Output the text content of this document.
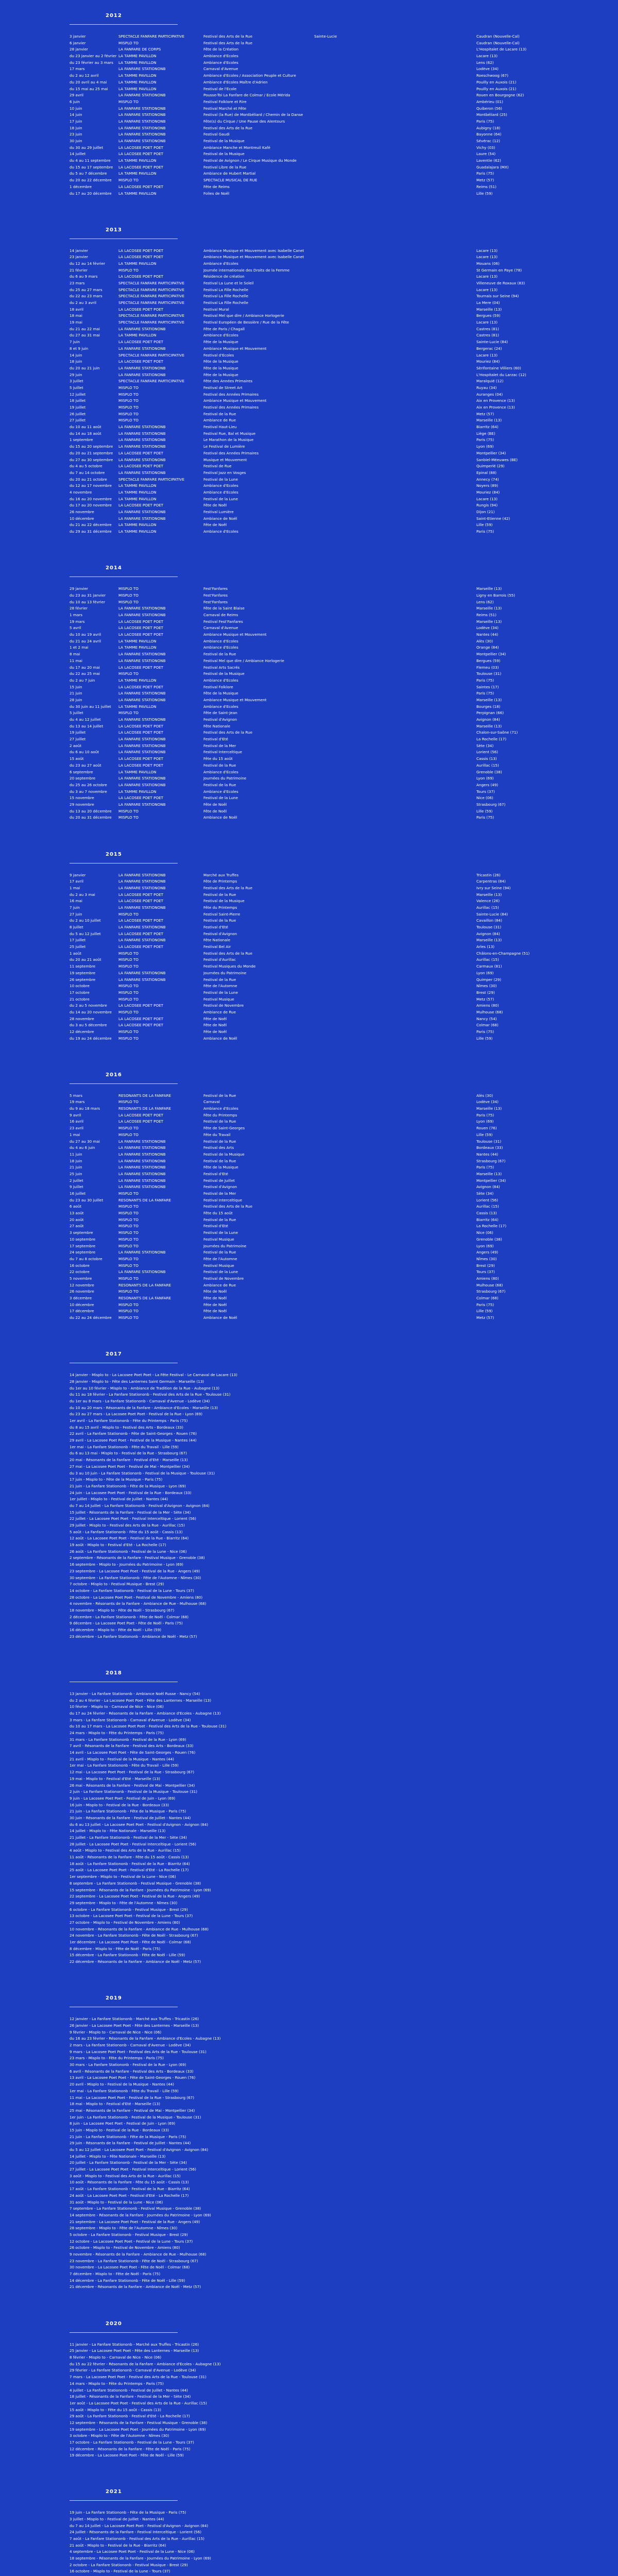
2012
3 janvier	SPECTACLE FANFARE PARTICIPATIVE	Festival des Arts de la Rue	Sainte-Lucie	Caudran (Nouvelle-Cal)
6 janvier	MISPLO TO	Festival des Arts de la Rue	Caudran (Nouvelle-Cal)
28 janvier	LA FANFARE DE CORPS	Fête de la Création	L'Hospitalet de Lacare (13)
du 23 janvier au 2 février LA TAMME PAVILLON	Ambiance d'Ecoles	Lacare (13)
du 23 février au 3 mars	LA TAMME PAVILLON	Ambiance d'Ecoles	Lens (62)
17 mars	LA FANFARE STATIONONB	Carnaval d'Avenue	Lodève (34)
du 2 au 12 avril	LA TAMME PAVILLON	Ambiance d'Ecoles / Association Peuple et Culture	Roeschwoog (67)
du 20 avril au 4 mai	LA TAMME PAVILLON	Ambiance d'Ecoles Maître d'Adrien	Pouilly en Auxois (21)
du 15 mai au 25 mai	LA TAMME PAVILLON	Festival de l'Ecole	Pouilly en Auxois (21)
29 avril	LA FANFARE STATIONONB	Pousse-Toi La Fanfare de Colmar / Ecole Mérida	Rouen en Bourgogne (62)
6 juin	MISPLO TO	Festival Folklore et Rire	Ambérieu (01)
10 juin	LA FANFARE STATIONONB	Festival Marché et Fête	Quiberon (56)
14 juin	LA FANFARE STATIONONB	Festival (la Rue) de Montbéliard / Chemin de la Danse	Montbéliard (25)
17 juin	LA FANFARE STATIONONB	Fête(s) du Cirque / Une Pause des Alentours	Paris (75)
18 juin	LA FANFARE STATIONONB	Festival des Arts de la Rue	Aubigny (18)
23 juin	LA FANFARE STATIONONB	Festival Gaudi	Bayonne (64)
30 juin	LA FANFARE STATIONONB	Festival de la Musique	Sévérac (12)
du 30 au 29 juillet	LA LACOSEE POET POET	Ambiance Manche et Montreuil Kafé	Vichy (03)
14 juillet	LA LACOSEE POET POET	Festival de la Musique	Laure (54)
du 4 au 11 septembre	LA TAMME PAVILLON	Festival de Avignon / Le Cirque Musique du Monde	Laventie (62)
du 15 au 17 septembre	LA LACOSEE POET POET	Festival Libre de la Rue	Guadalajara (MX)
du 5 au 7 décembre	LA TAMME PAVILLON	Ambiance de Hubert Martial	Paris (75)
du 20 au 22 décembre	MISPLO TO	SPECTACLE MUSICAL DE RUE	Metz (57)
1 décembre	LA LACOSEE POET POET	Fête de Reims	Reims (51)
du 17 au 20 décembre	LA TAMME PAVILLON	Folies de Noël	Lille (59)
2013
14 janvier	LA LACOSEE POET POET	Ambiance Musique et Mouvement avec Isabelle Canet	Lacare (13)
23 janvier	LA LACOSEE POET POET	Ambiance Musique et Mouvement avec Isabelle Canet	Lacare (13)
du 12 au 14 février	LA TAMME PAVILLON	Ambiance d'Ecoles	Mouans (06)
21 février	MISPLO TO	Journée internationale des Droits de la Femme	St Germain en Paye (78)
du 6 au 9 mars	LA LACOSEE POET POET	Résidence de création	Lacare (13)
23 mars	SPECTACLE FANFARE PARTICIPATIVE	Festival La Lune et le Soleil	Villeneuve de Roxaux (83)
du 25 au 27 mars	SPECTACLE FANFARE PARTICIPATIVE	Festival La Fille Rochelle	Lacare (13)
du 22 au 23 mars	SPECTACLE FANFARE PARTICIPATIVE	Festival La Fille Rochelle	Tournais sur Seine (94)
du 2 au 3 avril	SPECTACLE FANFARE PARTICIPATIVE	Festival La Fille Rochelle	La Mere (04)
18 avril	LA LACOSEE POET POET	Festival Mural	Marseille (13)
18 mai	SPECTACLE FANFARE PARTICIPATIVE	Festival Mel que dire / Ambiance Horlogerie	Bergues (59)
19 mai	SPECTACLE FANFARE PARTICIPATIVE	Festival Européen de Bessière / Rue de la Fête	Lacare (13)
du 21 au 22 mai	LA FANFARE STATIONONB	Fête de Paris / Chagall	Castres (81)
du 27 au 31 mai	LA TAMME PAVILLON	Ambiance d'Ecoles	Castres (81)
7 juin	LA LACOSEE POET POET	Fête de la Musique	Sainte-Lucie (84)
8 et 9 juin	LA FANFARE STATIONONB	Ambiance Musique et Mouvement	Bergerac (24)
14 juin	SPECTACLE FANFARE PARTICIPATIVE	Festival d'Ecoles	Lacare (13)
18 juin	LA LACOSEE POET POET	Fête de la Musique	Mouriez (84)
du 20 au 21 juin	LA FANFARE STATIONONB	Fête de la Musique	Sèrifontaine Villiers (60)
29 juin	LA FANFARE STATIONONB	Fête de la Musique	L'Hospitalet du Larzac (12)
3 juillet	SPECTACLE FANFARE PARTICIPATIVE	Fête des Années Primaires	Maralquié (12)
5 juillet	MISPLO TO	Festival de Street Art	Ruyau (34)
12 juillet	MISPLO TO	Festival des Années Primaires	Auranges (04)
18 juillet	MISPLO TO	Ambiance Musique et Mouvement	Aix en Provence (13)
19 juillet	MISPLO TO	Festival des Années Primaires	Aix en Provence (13)
26 juillet	MISPLO TO	Festival de la Rue	Metz (57)
27 juillet	MISPLO TO	Ambiance de Rue	Marseille (13)
du 10 au 11 août	LA FANFARE STATIONONB	Festival Haut-Lieu	Biarritz (64)
du 14 au 18 août	LA FANFARE STATIONONB	Festival Rue, Bal et Musique	Liège (BE)
1 septembre	LA FANFARE STATIONONB	Le Marathon de la Musique	Paris (75)
du 15 au 20 septembre	LA FANFARE STATIONONB	Le Festival de Lumière	Lyon (69)
du 20 au 21 septembre	LA LACOSEE POET POET	Festival des Années Primaires	Montpellier (34)
du 27 au 30 septembre	LA FANFARE STATIONONB	Musique et Mouvement	Sanbiel-Méeuwes (BE)
du 4 au 5 octobre	LA LACOSEE POET POET	Festival de Rue	Quimperlé (29)
du 7 au 14 octobre	LA FANFARE STATIONONB	Festival Jazz en Vosges	Epinal (88)
du 20 au 21 octobre	SPECTACLE FANFARE PARTICIPATIVE	Festival de la Lune	Annecy (74)
du 12 au 17 novembre	LA TAMME PAVILLON	Ambiance d'Ecoles	Noyers (89)
4 novembre	LA TAMME PAVILLON	Ambiance d'Ecoles	Mouriez (84)
du 16 au 20 novembre	LA TAMME PAVILLON	Festival de la Lune	Lacare (13)
du 17 au 20 novembre	LA LACOSEE POET POET	Fête de Noël	Rungis (94)
26 novembre	LA FANFARE STATIONONB	Festival Lumière	Dijon (21)
10 décembre	LA FANFARE STATIONONB	Ambiance de Noël	Saint-Etienne (42)
du 21 au 22 décembre	LA TAMME PAVILLON	Fête de Noël	Lille (59)
du 29 au 31 décembre	LA TAMME PAVILLON	Ambiance d'Ecoles	Paris (75)
2014
29 janvier	MISPLO TO	Fest'Fanfares	Marseille (13)
du 23 au 31 janvier	MISPLO TO	Fest'Fanfares	Ligny en Barrois (55)
du 10 au 13 février	MISPLO TO	Fest'Fanfares	Lens (62)
28 février	LA FANFARE STATIONONB	Fête de la Saint Blaise	Marseille (13)
1 mars	LA FANFARE STATIONONB	Carnaval de Reims	Reims (51)
19 mars	LA LACOSEE POET POET	Festival Fest'Fanfares	Marseille (13)
5 avril	LA LACOSEE POET POET	Carnaval d'Avenue	Lodève (34)
du 10 au 19 avril	LA LACOSEE POET POET	Ambiance Musique et Mouvement	Nantes (44)
du 21 au 24 avril	LA TAMME PAVILLON	Ambiance d'Ecoles	Alès (30)
1 et 2 mai	LA TAMME PAVILLON	Ambiance d'Ecoles	Orange (84)
8 mai	LA FANFARE STATIONONB	Festival de la Rue	Montpellier (34)
11 mai	LA FANFARE STATIONONB	Festival Mel que dire / Ambiance Horlogerie	Bergues (59)
du 17 au 20 mai	LA LACOSEE POET POET	Festival Arts Sacrés	Flemeu (03)
du 22 au 25 mai	MISPLO TO	Festival de la Musique	Toulouse (31)
du 2 au 7 juin	LA TAMME PAVILLON	Ambiance d'Ecoles	Paris (75)
15 juin	LA LACOSEE POET POET	Festival Folklore	Saintes (17)
21 juin	LA FANFARE STATIONONB	Fête de la Musique	Paris (75)
28 juin	LA FANFARE STATIONONB	Ambiance Musique et Mouvement	Marseille (13)
du 30 juin au 11 juillet	LA TAMME PAVILLON	Ambiance d'Ecoles	Bourges (18)
5 juillet	MISPLO TO	Fête de Saint-Jean	Perpignan (66)
du 4 au 12 juillet	LA FANFARE STATIONONB	Festival d'Avignon	Avignon (84)
du 13 au 14 juillet	LA LACOSEE POET POET	Fête Nationale	Marseille (13)
19 juillet	LA LACOSEE POET POET	Festival des Arts de la Rue	Chalon-sur-Saône (71)
27 juillet	LA FANFARE STATIONONB	Festival d'Eté	La Rochelle (17)
2 août	LA FANFARE STATIONONB	Festival de la Mer	Sète (34)
du 6 au 10 août	LA FANFARE STATIONONB	Festival Interceltique	Lorient (56)
15 août	LA LACOSEE POET POET	Fête du 15 août	Cassis (13)
du 23 au 27 août	LA LACOSEE POET POET	Festival de la Rue	Aurillac (15)
6 septembre	LA TAMME PAVILLON	Ambiance d'Ecoles	Grenoble (38)
20 septembre	LA FANFARE STATIONONB	Journées du Patrimoine	Lyon (69)
du 25 au 26 octobre	LA FANFARE STATIONONB	Festival de la Rue	Angers (49)
du 3 au 7 novembre	LA TAMME PAVILLON	Ambiance d'Ecoles	Tours (37)
15 novembre	LA LACOSEE POET POET	Festival de la Lune	Nice (06)
29 novembre	LA FANFARE STATIONONB	Fête de Noël	Strasbourg (67)
du 13 au 20 décembre	MISPLO TO	Fête de Noël	Lille (59)
du 20 au 31 décembre	MISPLO TO	Ambiance de Noël	Paris (75)
2015
9 janvier	LA FANFARE STATIONONB	Marché aux Truffes	Tricastin (26)
17 avril	LA FANFARE STATIONONB	Fête de Printemps	Carpentras (84)
1 mai	LA FANFARE STATIONONB	Festival des Arts de la Rue	Ivry sur Seine (94)
du 2 au 3 mai	LA LACOSEE POET POET	Festival de la Rue	Marseille (13)
16 mai	LA LACOSEE POET POET	Festival de la Musique	Valence (26)
7 juin	LA FANFARE STATIONONB	Fête du Printemps	Aurillac (15)
27 juin	MISPLO TO	Festival Saint-Pierre	Sainte-Lucie (84)
du 2 au 10 juillet	LA LACOSEE POET POET	Festival de la Rue	Cavaillon (84)
8 juillet	LA FANFARE STATIONONB	Festival d'Eté	Toulouse (31)
du 5 au 12 juillet	LA LACOSEE POET POET	Festival d'Avignon	Avignon (84)
17 juillet	LA FANFARE STATIONONB	Fête Nationale	Marseille (13)
25 juillet	LA LACOSEE POET POET	Festival Bel Air	Arles (13)
1 août	MISPLO TO	Festival des Arts de la Rue	Châlons-en-Champagne (51)
du 20 au 21 août	MISPLO TO	Festival d'Aurillac	Aurillac (15)
11 septembre	MISPLO TO	Festival Musiques du Monde	Carmaux (81)
19 septembre	LA FANFARE STATIONONB	Journées du Patrimoine	Lyon (69)
26 septembre	LA FANFARE STATIONONB	Festival de la Rue	Quimper (29)
10 octobre	MISPLO TO	Fête de l'Automne	Nîmes (30)
17 octobre	MISPLO TO	Festival de la Lune	Brest (29)
21 octobre	MISPLO TO	Festival Musique	Metz (57)
du 2 au 5 novembre	LA LACOSEE POET POET	Festival de Novembre	Amiens (80)
du 14 au 20 novembre	MISPLO TO	Ambiance de Rue	Mulhouse (68)
28 novembre	LA LACOSEE POET POET	Fête de Noël	Nancy (54)
du 3 au 5 décembre	LA LACOSEE POET POET	Fête de Noël	Colmar (68)
12 décembre	MISPLO TO	Fête de Noël	Paris (75)
du 19 au 24 décembre	MISPLO TO	Ambiance de Noël	Lille (59)
2016
5 mars	RESONANTS DE LA FANFARE	Festival de la Rue	Alès (30)
19 mars	MISPLO TO	Carnaval	Lodève (34)
du 9 au 18 mars	RESONANTS DE LA FANFARE	Ambiance d'Ecoles	Marseille (13)
9 avril	LA LACOSEE POET POET	Fête du Printemps	Paris (75)
16 avril	LA LACOSEE POET POET	Festival de la Rue	Lyon (69)
23 avril	MISPLO TO	Fête de Saint-Georges	Rouen (76)
1 mai	MISPLO TO	Fête du Travail	Lille (59)
du 27 au 30 mai	LA FANFARE STATIONONB	Festival de la Rue	Toulouse (31)
du 4 au 6 juin	LA FANFARE STATIONONB	Festival des Arts	Bordeaux (33)
11 juin	LA FANFARE STATIONONB	Festival de la Musique	Nantes (44)
18 juin	LA FANFARE STATIONONB	Festival de la Rue	Strasbourg (67)
21 juin	LA FANFARE STATIONONB	Fête de la Musique	Paris (75)
25 juin	LA FANFARE STATIONONB	Festival d'Eté	Marseille (13)
2 juillet	LA FANFARE STATIONONB	Festival de Juillet	Montpellier (34)
9 juillet	LA FANFARE STATIONONB	Festival d'Avignon	Avignon (84)
16 juillet	MISPLO TO	Festival de la Mer	Sète (34)
du 23 au 30 juillet	RESONANTS DE LA FANFARE	Festival Interceltique	Lorient (56)
6 août	MISPLO TO	Festival des Arts de la Rue	Aurillac (15)
13 août	MISPLO TO	Fête du 15 août	Cassis (13)
20 août	MISPLO TO	Festival de la Rue	Biarritz (64)
27 août	MISPLO TO	Festival d'Eté	La Rochelle (17)
3 septembre	MISPLO TO	Festival de la Lune	Nice (06)
10 septembre	MISPLO TO	Festival Musique	Grenoble (38)
17 septembre	MISPLO TO	Journées du Patrimoine	Lyon (69)
24 septembre	LA FANFARE STATIONONB	Festival de la Rue	Angers (49)
du 7 au 8 octobre	MISPLO TO	Fête de l'Automne	Nîmes (30)
16 octobre	MISPLO TO	Festival Musique	Brest (29)
22 octobre	LA FANFARE STATIONONB	Festival de la Lune	Tours (37)
5 novembre	MISPLO TO	Festival de Novembre	Amiens (80)
12 novembre	RESONANTS DE LA FANFARE	Ambiance de Rue	Mulhouse (68)
26 novembre	MISPLO TO	Fête de Noël	Strasbourg (67)
3 décembre	RESONANTS DE LA FANFARE	Fête de Noël	Colmar (68)
10 décembre	MISPLO TO	Fête de Noël	Paris (75)
17 décembre	MISPLO TO	Fête de Noël	Lille (59)
du 22 au 24 décembre	MISPLO TO	Ambiance de Noël	Metz (57)
2017
14 janvier - Misplo to - La Lacosee Poet Poet - La Fête Festival - Le Carnaval de Lacare (13)
28 janvier - Misplo to - Fête des Lanternes Saint Germain - Marseille (13)
du 1er au 10 février - Misplo to - Ambiance de Tradition de la Rue - Aubagne (13)
du 11 au 18 février - La Fanfare Stationonb - Festival des Arts de la Rue - Toulouse (31)
du 1er au 8 mars - La Fanfare Stationonb - Carnaval d'Avenue - Lodève (34)
du 10 au 20 mars - Résonants de la Fanfare - Ambiance d'Ecoles - Marseille (13)
du 23 au 27 mars - La Lacosee Poet Poet - Festival de la Rue - Lyon (69)
1er avril - La Fanfare Stationonb - Fête du Printemps - Paris (75)
du 8 au 15 avril - Misplo to - Festival des Arts - Bordeaux (33)
22 avril - La Fanfare Stationonb - Fête de Saint-Georges - Rouen (76)
29 avril - La Lacosee Poet Poet - Festival de la Musique - Nantes (44)
1er mai - La Fanfare Stationonb - Fête du Travail - Lille (59)
du 6 au 13 mai - Misplo to - Festival de la Rue - Strasbourg (67)
20 mai - Résonants de la Fanfare - Festival d'Eté - Marseille (13)
27 mai - La Lacosee Poet Poet - Festival de Mai - Montpellier (34)
du 3 au 10 juin - La Fanfare Stationonb - Festival de la Musique - Toulouse (31)
17 juin - Misplo to - Fête de la Musique - Paris (75)
21 juin - La Fanfare Stationonb - Fête de la Musique - Lyon (69)
24 juin - La Lacosee Poet Poet - Festival de la Rue - Bordeaux (33)
1er juillet - Misplo to - Festival de Juillet - Nantes (44)
du 7 au 14 juillet - La Fanfare Stationonb - Festival d'Avignon - Avignon (84)
15 juillet - Résonants de la Fanfare - Festival de la Mer - Sète (34)
22 juillet - La Lacosee Poet Poet - Festival Interceltique - Lorient (56)
29 juillet - Misplo to - Festival des Arts de la Rue - Aurillac (15)
5 août - La Fanfare Stationonb - Fête du 15 août - Cassis (13)
12 août - La Lacosee Poet Poet - Festival de la Rue - Biarritz (64)
19 août - Misplo to - Festival d'Eté - La Rochelle (17)
26 août - La Fanfare Stationonb - Festival de la Lune - Nice (06)
2 septembre - Résonants de la Fanfare - Festival Musique - Grenoble (38)
16 septembre - Misplo to - Journées du Patrimoine - Lyon (69)
23 septembre - La Lacosee Poet Poet - Festival de la Rue - Angers (49)
30 septembre - La Fanfare Stationonb - Fête de l'Automne - Nîmes (30)
7 octobre - Misplo to - Festival Musique - Brest (29)
14 octobre - La Fanfare Stationonb - Festival de la Lune - Tours (37)
28 octobre - La Lacosee Poet Poet - Festival de Novembre - Amiens (80)
4 novembre - Résonants de la Fanfare - Ambiance de Rue - Mulhouse (68)
18 novembre - Misplo to - Fête de Noël - Strasbourg (67)
2 décembre - La Fanfare Stationonb - Fête de Noël - Colmar (68)
9 décembre - La Lacosee Poet Poet - Fête de Noël - Paris (75)
16 décembre - Misplo to - Fête de Noël - Lille (59)
23 décembre - La Fanfare Stationonb - Ambiance de Noël - Metz (57)
2018
13 janvier - La Fanfare Stationonb - Ambiance Noël Russe - Nancy (54)
du 2 au 4 février - La Lacosee Poet Poet - Fête des Lanternes - Marseille (13)
10 février - Misplo to - Carnaval de Nice - Nice (06)
du 17 au 24 février - Résonants de la Fanfare - Ambiance d'Ecoles - Aubagne (13)
3 mars - La Fanfare Stationonb - Carnaval d'Avenue - Lodève (34)
du 10 au 17 mars - La Lacosee Poet Poet - Festival des Arts de la Rue - Toulouse (31)
24 mars - Misplo to - Fête du Printemps - Paris (75)
31 mars - La Fanfare Stationonb - Festival de la Rue - Lyon (69)
7 avril - Résonants de la Fanfare - Festival des Arts - Bordeaux (33)
14 avril - La Lacosee Poet Poet - Fête de Saint-Georges - Rouen (76)
21 avril - Misplo to - Festival de la Musique - Nantes (44)
1er mai - La Fanfare Stationonb - Fête du Travail - Lille (59)
12 mai - La Lacosee Poet Poet - Festival de la Rue - Strasbourg (67)
19 mai - Misplo to - Festival d'Eté - Marseille (13)
26 mai - Résonants de la Fanfare - Festival de Mai - Montpellier (34)
2 juin - La Fanfare Stationonb - Festival de la Musique - Toulouse (31)
9 juin - La Lacosee Poet Poet - Festival de Juin - Lyon (69)
16 juin - Misplo to - Festival de la Rue - Bordeaux (33)
21 juin - La Fanfare Stationonb - Fête de la Musique - Paris (75)
30 juin - Résonants de la Fanfare - Festival de Juillet - Nantes (44)
du 6 au 13 juillet - La Lacosee Poet Poet - Festival d'Avignon - Avignon (84)
14 juillet - Misplo to - Fête Nationale - Marseille (13)
21 juillet - La Fanfare Stationonb - Festival de la Mer - Sète (34)
28 juillet - La Lacosee Poet Poet - Festival Interceltique - Lorient (56)
4 août - Misplo to - Festival des Arts de la Rue - Aurillac (15)
11 août - Résonants de la Fanfare - Fête du 15 août - Cassis (13)
18 août - La Fanfare Stationonb - Festival de la Rue - Biarritz (64)
25 août - La Lacosee Poet Poet - Festival d'Eté - La Rochelle (17)
1er septembre - Misplo to - Festival de la Lune - Nice (06)
8 septembre - La Fanfare Stationonb - Festival Musique - Grenoble (38)
15 septembre - Résonants de la Fanfare - Journées du Patrimoine - Lyon (69)
22 septembre - La Lacosee Poet Poet - Festival de la Rue - Angers (49)
29 septembre - Misplo to - Fête de l'Automne - Nîmes (30)
6 octobre - La Fanfare Stationonb - Festival Musique - Brest (29)
13 octobre - La Lacosee Poet Poet - Festival de la Lune - Tours (37)
27 octobre - Misplo to - Festival de Novembre - Amiens (80)
10 novembre - Résonants de la Fanfare - Ambiance de Rue - Mulhouse (68)
24 novembre - La Fanfare Stationonb - Fête de Noël - Strasbourg (67)
1er décembre - La Lacosee Poet Poet - Fête de Noël - Colmar (68)
8 décembre - Misplo to - Fête de Noël - Paris (75)
15 décembre - La Fanfare Stationonb - Fête de Noël - Lille (59)
22 décembre - Résonants de la Fanfare - Ambiance de Noël - Metz (57)
2019
12 janvier - La Fanfare Stationonb - Marché aux Truffes - Tricastin (26)
26 janvier - La Lacosee Poet Poet - Fête des Lanternes - Marseille (13)
9 février - Misplo to - Carnaval de Nice - Nice (06)
du 16 au 23 février - Résonants de la Fanfare - Ambiance d'Ecoles - Aubagne (13)
2 mars - La Fanfare Stationonb - Carnaval d'Avenue - Lodève (34)
9 mars - La Lacosee Poet Poet - Festival des Arts de la Rue - Toulouse (31)
23 mars - Misplo to - Fête du Printemps - Paris (75)
30 mars - La Fanfare Stationonb - Festival de la Rue - Lyon (69)
6 avril - Résonants de la Fanfare - Festival des Arts - Bordeaux (33)
13 avril - La Lacosee Poet Poet - Fête de Saint-Georges - Rouen (76)
20 avril - Misplo to - Festival de la Musique - Nantes (44)
1er mai - La Fanfare Stationonb - Fête du Travail - Lille (59)
11 mai - La Lacosee Poet Poet - Festival de la Rue - Strasbourg (67)
18 mai - Misplo to - Festival d'Eté - Marseille (13)
25 mai - Résonants de la Fanfare - Festival de Mai - Montpellier (34)
1er juin - La Fanfare Stationonb - Festival de la Musique - Toulouse (31)
8 juin - La Lacosee Poet Poet - Festival de Juin - Lyon (69)
15 juin - Misplo to - Festival de la Rue - Bordeaux (33)
21 juin - La Fanfare Stationonb - Fête de la Musique - Paris (75)
29 juin - Résonants de la Fanfare - Festival de Juillet - Nantes (44)
du 5 au 12 juillet - La Lacosee Poet Poet - Festival d'Avignon - Avignon (84)
14 juillet - Misplo to - Fête Nationale - Marseille (13)
20 juillet - La Fanfare Stationonb - Festival de la Mer - Sète (34)
27 juillet - La Lacosee Poet Poet - Festival Interceltique - Lorient (56)
3 août - Misplo to - Festival des Arts de la Rue - Aurillac (15)
10 août - Résonants de la Fanfare - Fête du 15 août - Cassis (13)
17 août - La Fanfare Stationonb - Festival de la Rue - Biarritz (64)
24 août - La Lacosee Poet Poet - Festival d'Eté - La Rochelle (17)
31 août - Misplo to - Festival de la Lune - Nice (06)
7 septembre - La Fanfare Stationonb - Festival Musique - Grenoble (38)
14 septembre - Résonants de la Fanfare - Journées du Patrimoine - Lyon (69)
21 septembre - La Lacosee Poet Poet - Festival de la Rue - Angers (49)
28 septembre - Misplo to - Fête de l'Automne - Nîmes (30)
5 octobre - La Fanfare Stationonb - Festival Musique - Brest (29)
12 octobre - La Lacosee Poet Poet - Festival de la Lune - Tours (37)
26 octobre - Misplo to - Festival de Novembre - Amiens (80)
9 novembre - Résonants de la Fanfare - Ambiance de Rue - Mulhouse (68)
23 novembre - La Fanfare Stationonb - Fête de Noël - Strasbourg (67)
30 novembre - La Lacosee Poet Poet - Fête de Noël - Colmar (68)
7 décembre - Misplo to - Fête de Noël - Paris (75)
14 décembre - La Fanfare Stationonb - Fête de Noël - Lille (59)
21 décembre - Résonants de la Fanfare - Ambiance de Noël - Metz (57)
2020
11 janvier - La Fanfare Stationonb - Marché aux Truffes - Tricastin (26)
25 janvier - La Lacosee Poet Poet - Fête des Lanternes - Marseille (13)
8 février - Misplo to - Carnaval de Nice - Nice (06)
du 15 au 22 février - Résonants de la Fanfare - Ambiance d'Ecoles - Aubagne (13)
29 février - La Fanfare Stationonb - Carnaval d'Avenue - Lodève (34)
7 mars - La Lacosee Poet Poet - Festival des Arts de la Rue - Toulouse (31)
14 mars - Misplo to - Fête du Printemps - Paris (75)
4 juillet - La Fanfare Stationonb - Festival de Juillet - Nantes (44)
18 juillet - Résonants de la Fanfare - Festival de la Mer - Sète (34)
1er août - La Lacosee Poet Poet - Festival des Arts de la Rue - Aurillac (15)
15 août - Misplo to - Fête du 15 août - Cassis (13)
29 août - La Fanfare Stationonb - Festival d'Eté - La Rochelle (17)
12 septembre - Résonants de la Fanfare - Festival Musique - Grenoble (38)
19 septembre - La Lacosee Poet Poet - Journées du Patrimoine - Lyon (69)
3 octobre - Misplo to - Fête de l'Automne - Nîmes (30)
17 octobre - La Fanfare Stationonb - Festival de la Lune - Tours (37)
12 décembre - Résonants de la Fanfare - Fête de Noël - Paris (75)
19 décembre - La Lacosee Poet Poet - Fête de Noël - Lille (59)
2021
19 juin - La Fanfare Stationonb - Fête de la Musique - Paris (75)
3 juillet - Misplo to - Festival de Juillet - Nantes (44)
du 7 au 14 juillet - La Lacosee Poet Poet - Festival d'Avignon - Avignon (84)
24 juillet - Résonants de la Fanfare - Festival Interceltique - Lorient (56)
7 août - La Fanfare Stationonb - Festival des Arts de la Rue - Aurillac (15)
21 août - Misplo to - Festival de la Rue - Biarritz (64)
4 septembre - La Lacosee Poet Poet - Festival de la Lune - Nice (06)
18 septembre - Résonants de la Fanfare - Journées du Patrimoine - Lyon (69)
2 octobre - La Fanfare Stationonb - Festival Musique - Brest (29)
16 octobre - Misplo to - Festival de la Lune - Tours (37)
